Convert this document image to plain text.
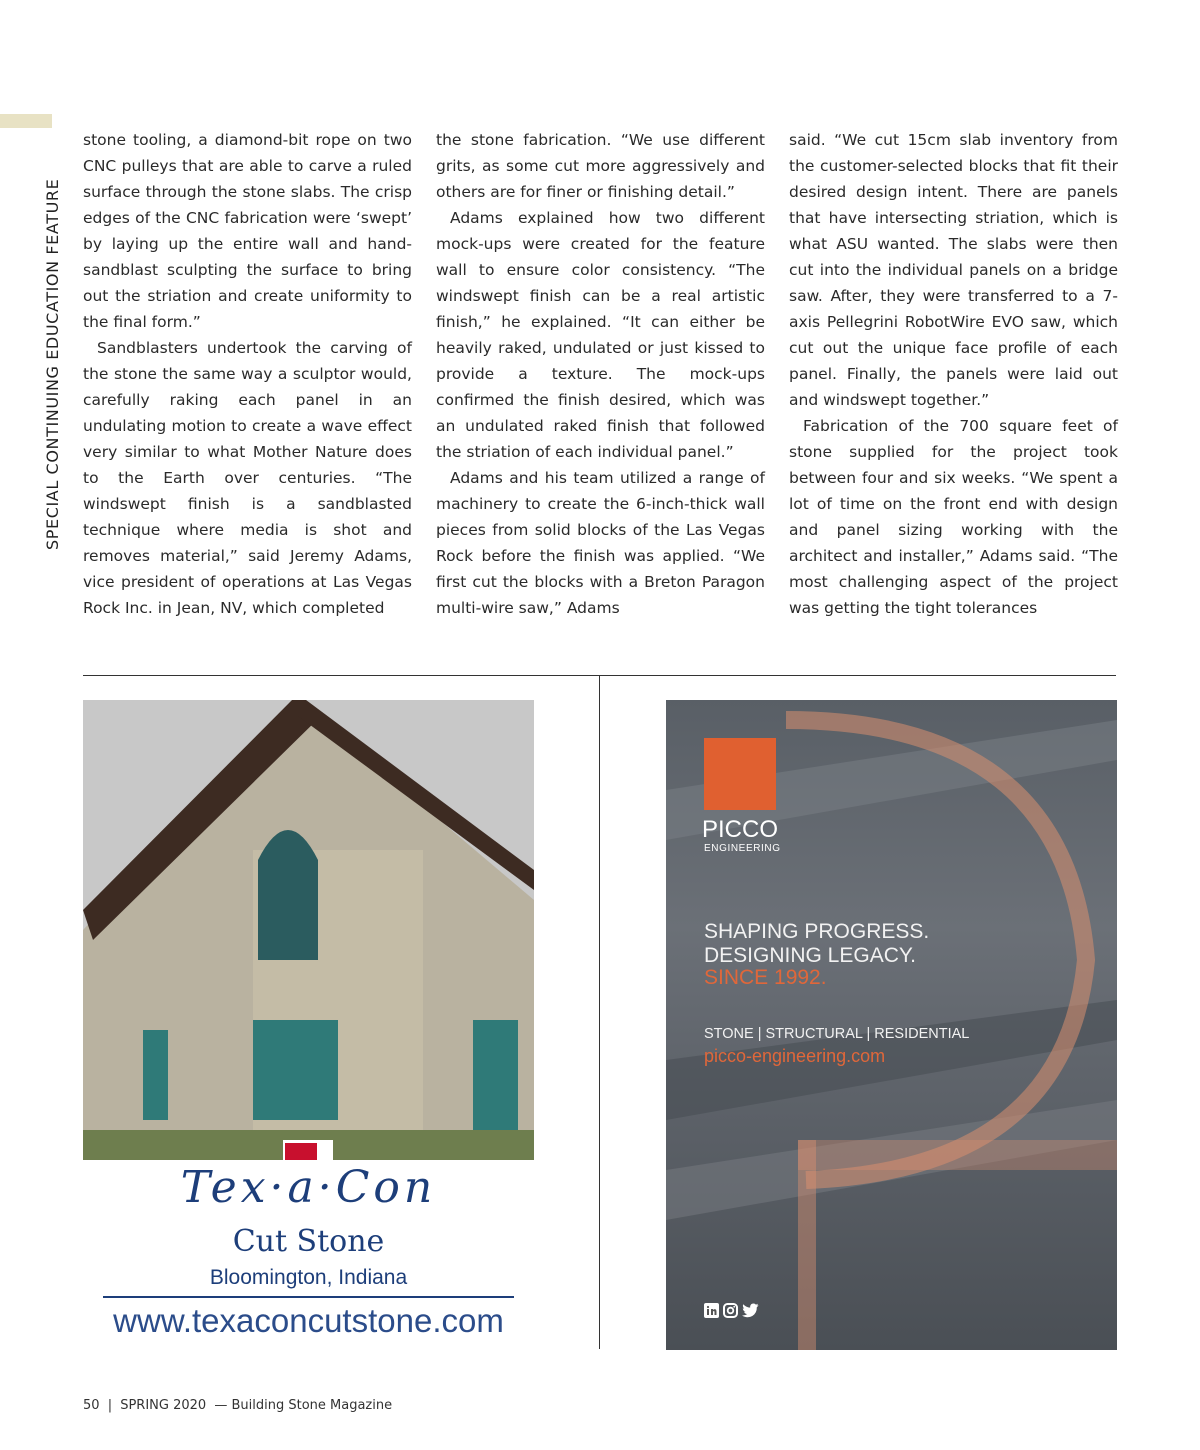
SPECIAL CONTINUING EDUCATION FEATURE

stone tooling, a diamond-bit rope on two CNC pulleys that are able to carve a ruled surface through the stone slabs. The crisp edges of the CNC fabrication were ‘swept’ by laying up the entire wall and hand-sandblast sculpting the surface to bring out the striation and create uniformity to the final form.”

Sandblasters undertook the carving of the stone the same way a sculptor would, carefully raking each panel in an undulating motion to create a wave effect very similar to what Mother Nature does to the Earth over centuries. “The windswept finish is a sandblasted technique where media is shot and removes material,” said Jeremy Adams, vice president of operations at Las Vegas Rock Inc. in Jean, NV, which completed

the stone fabrication. “We use different grits, as some cut more aggressively and others are for finer or finishing detail.”

Adams explained how two different mock-ups were created for the feature wall to ensure color consistency. “The windswept finish can be a real artistic finish,” he explained. “It can either be heavily raked, undulated or just kissed to provide a texture. The mock-ups confirmed the finish desired, which was an undulated raked finish that followed the striation of each individual panel.”

Adams and his team utilized a range of machinery to create the 6-inch-thick wall pieces from solid blocks of the Las Vegas Rock before the finish was applied. “We first cut the blocks with a Breton Paragon multi-wire saw,” Adams

said. “We cut 15cm slab inventory from the customer-selected blocks that fit their desired design intent. There are panels that have intersecting striation, which is what ASU wanted. The slabs were then cut into the individual panels on a bridge saw. After, they were transferred to a 7-axis Pellegrini RobotWire EVO saw, which cut out the unique face profile of each panel. Finally, the panels were laid out and windswept together.”

Fabrication of the 700 square feet of stone supplied for the project took between four and six weeks. “We spent a lot of time on the front end with design and panel sizing working with the architect and installer,” Adams said. “The most challenging aspect of the project was getting the tight tolerances

Tex·a·Con
Cut Stone
Bloomington, Indiana
www.texaconcutstone.com
PICCO
ENGINEERING
SHAPING PROGRESS.
DESIGNING LEGACY.
SINCE 1992.
STONE | STRUCTURAL | RESIDENTIAL
picco-engineering.com
50 | SPRING 2020 — Building Stone Magazine
